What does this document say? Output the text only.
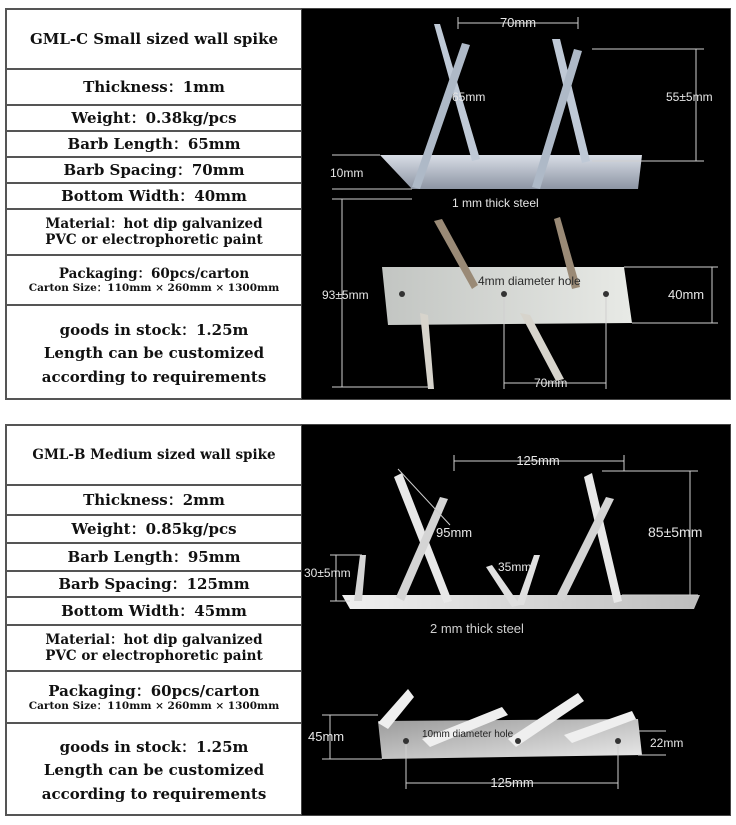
GML-C Small sized wall spike
Thickness：1mm
Weight：0.38kg/pcs
Barb Length：65mm
Barb Spacing：70mm
Bottom Width：40mm
Material：hot dip galvanized
PVC or electrophoretic paint
Packaging：60pcs/carton
Carton Size：110mm × 260mm × 1300mm
goods in stock：1.25m
Length can be customized
according to requirements
70mm
65mm	55±5mm
10mm
1 mm thick steel
4mm diameter hole
93±5mm	40mm
70mm
GML-B Medium sized wall spike
Thickness：2mm
Weight：0.85kg/pcs
Barb Length：95mm
Barb Spacing：125mm
Bottom Width：45mm
Material：hot dip galvanized
PVC or electrophoretic paint
Packaging：60pcs/carton
Carton Size：110mm × 260mm × 1300mm
goods in stock：1.25m
Length can be customized
according to requirements
125mm
95mm	85±5mm
30±5mm	35mm
2 mm thick steel
45mm	10mm diameter hole
22mm
125mm
